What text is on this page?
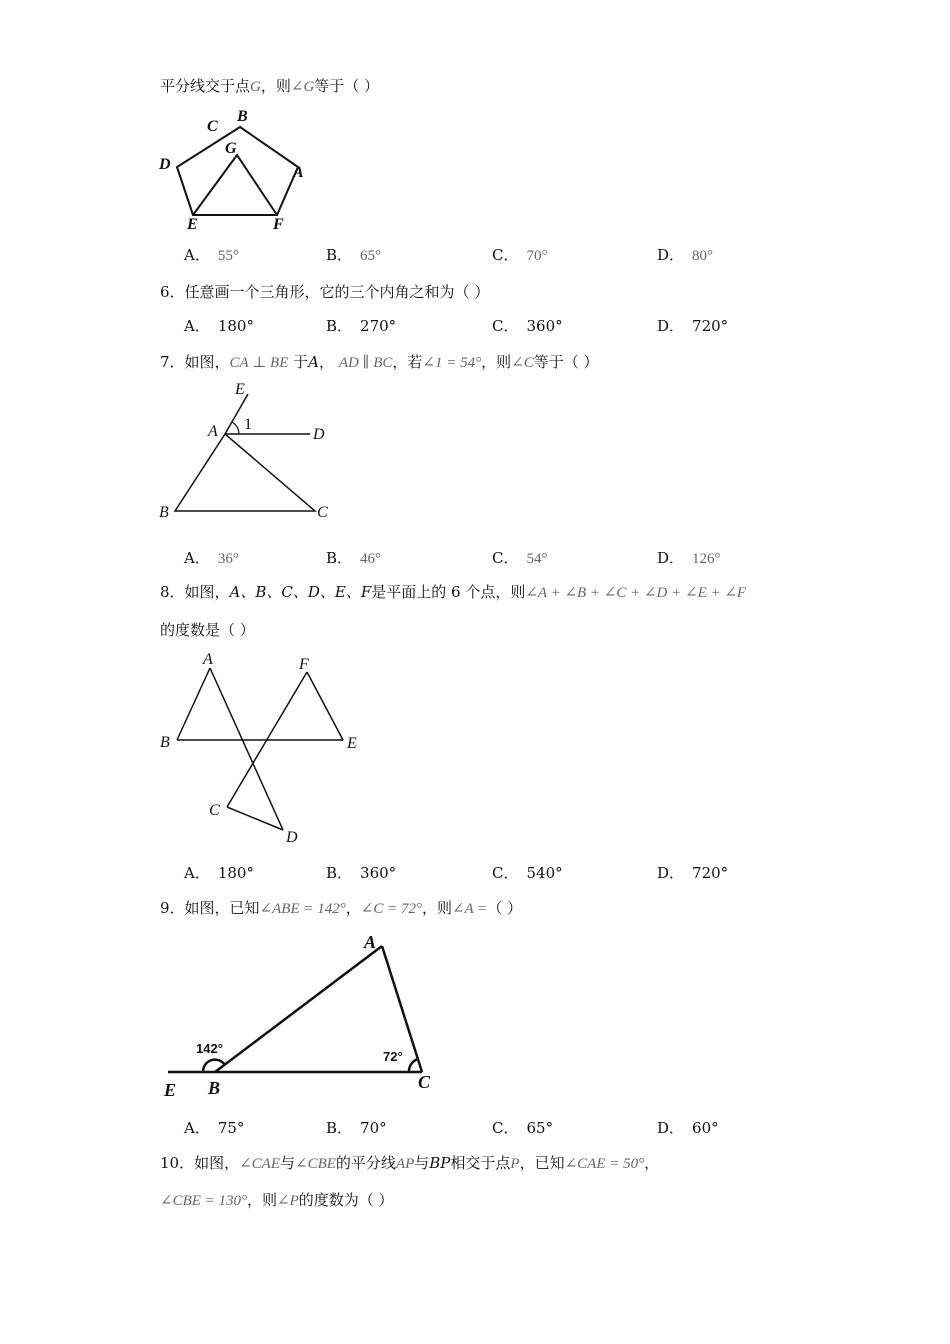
平分线交于点G，则∠G等于（ ）
C
B
D
G
A
E	F
A． 55°	B． 65°	C． 70°	D． 80°
6．任意画一个三角形，它的三个内角之和为（ ）
A． 180°	B． 270°	C． 360°	D． 720°
7．如图，CA ⊥ BE 于A， AD ∥ BC，若∠1 = 54°，则∠C等于（ ）
E
A 1
D
B	C
A． 36°	B． 46°	C． 54°	D． 126°
8．如图，A、B、C、D、E、F是平面上的 6 个点，则∠A + ∠B + ∠C + ∠D + ∠E + ∠F
的度数是（ ）
A	F
B	E
C
D
A． 180°	B． 360°	C． 540°	D． 720°
9．如图，已知∠ABE = 142°，∠C = 72°，则∠A =（ ）
A
142°
72°
E B	C
A． 75°	B． 70°	C． 65°	D． 60°
10．如图，∠CAE与∠CBE的平分线AP与BP相交于点P，已知∠CAE = 50°，
∠CBE = 130°，则∠P的度数为（ ）
